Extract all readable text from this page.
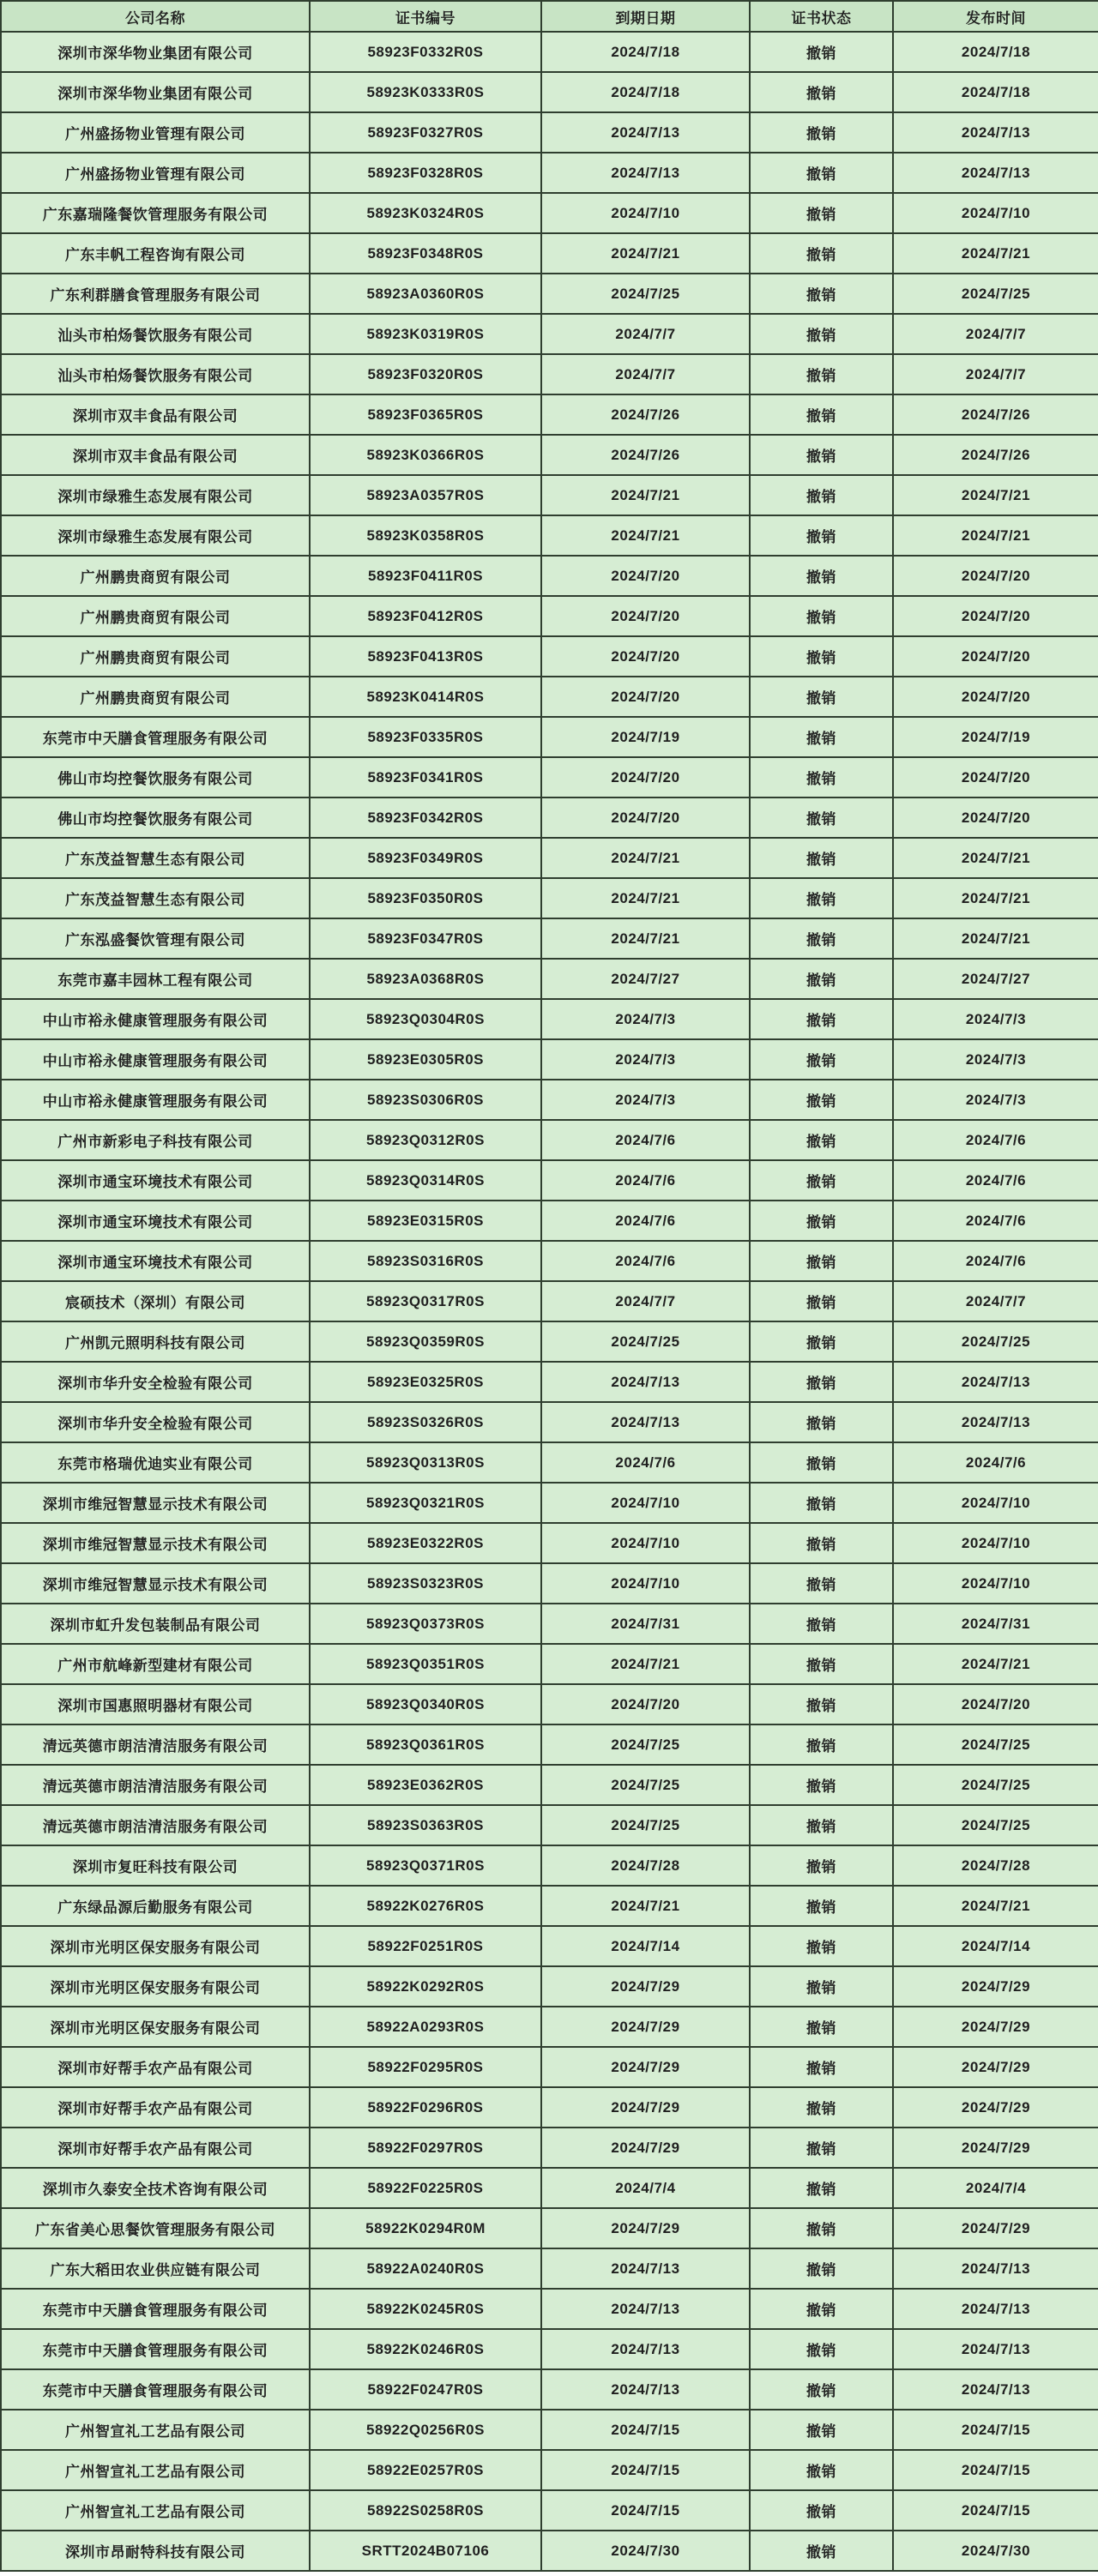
公司名称	证书编号	到期日期	证书状态	发布时间
深圳市深华物业集团有限公司	58923F0332R0S	2024/7/18	撤销	2024/7/18
深圳市深华物业集团有限公司	58923K0333R0S	2024/7/18	撤销	2024/7/18
广州盛扬物业管理有限公司	58923F0327R0S	2024/7/13	撤销	2024/7/13
广州盛扬物业管理有限公司	58923F0328R0S	2024/7/13	撤销	2024/7/13
广东嘉瑞隆餐饮管理服务有限公司	58923K0324R0S	2024/7/10	撤销	2024/7/10
广东丰帆工程咨询有限公司	58923F0348R0S	2024/7/21	撤销	2024/7/21
广东利群膳食管理服务有限公司	58923A0360R0S	2024/7/25	撤销	2024/7/25
汕头市柏炀餐饮服务有限公司	58923K0319R0S	2024/7/7	撤销	2024/7/7
汕头市柏炀餐饮服务有限公司	58923F0320R0S	2024/7/7	撤销	2024/7/7
深圳市双丰食品有限公司	58923F0365R0S	2024/7/26	撤销	2024/7/26
深圳市双丰食品有限公司	58923K0366R0S	2024/7/26	撤销	2024/7/26
深圳市绿雅生态发展有限公司	58923A0357R0S	2024/7/21	撤销	2024/7/21
深圳市绿雅生态发展有限公司	58923K0358R0S	2024/7/21	撤销	2024/7/21
广州鹏贵商贸有限公司	58923F0411R0S	2024/7/20	撤销	2024/7/20
广州鹏贵商贸有限公司	58923F0412R0S	2024/7/20	撤销	2024/7/20
广州鹏贵商贸有限公司	58923F0413R0S	2024/7/20	撤销	2024/7/20
广州鹏贵商贸有限公司	58923K0414R0S	2024/7/20	撤销	2024/7/20
东莞市中天膳食管理服务有限公司	58923F0335R0S	2024/7/19	撤销	2024/7/19
佛山市均控餐饮服务有限公司	58923F0341R0S	2024/7/20	撤销	2024/7/20
佛山市均控餐饮服务有限公司	58923F0342R0S	2024/7/20	撤销	2024/7/20
广东茂益智慧生态有限公司	58923F0349R0S	2024/7/21	撤销	2024/7/21
广东茂益智慧生态有限公司	58923F0350R0S	2024/7/21	撤销	2024/7/21
广东泓盛餐饮管理有限公司	58923F0347R0S	2024/7/21	撤销	2024/7/21
东莞市嘉丰园林工程有限公司	58923A0368R0S	2024/7/27	撤销	2024/7/27
中山市裕永健康管理服务有限公司	58923Q0304R0S	2024/7/3	撤销	2024/7/3
中山市裕永健康管理服务有限公司	58923E0305R0S	2024/7/3	撤销	2024/7/3
中山市裕永健康管理服务有限公司	58923S0306R0S	2024/7/3	撤销	2024/7/3
广州市新彩电子科技有限公司	58923Q0312R0S	2024/7/6	撤销	2024/7/6
深圳市通宝环境技术有限公司	58923Q0314R0S	2024/7/6	撤销	2024/7/6
深圳市通宝环境技术有限公司	58923E0315R0S	2024/7/6	撤销	2024/7/6
深圳市通宝环境技术有限公司	58923S0316R0S	2024/7/6	撤销	2024/7/6
宸硕技术（深圳）有限公司	58923Q0317R0S	2024/7/7	撤销	2024/7/7
广州凯元照明科技有限公司	58923Q0359R0S	2024/7/25	撤销	2024/7/25
深圳市华升安全检验有限公司	58923E0325R0S	2024/7/13	撤销	2024/7/13
深圳市华升安全检验有限公司	58923S0326R0S	2024/7/13	撤销	2024/7/13
东莞市格瑞优迪实业有限公司	58923Q0313R0S	2024/7/6	撤销	2024/7/6
深圳市维冠智慧显示技术有限公司	58923Q0321R0S	2024/7/10	撤销	2024/7/10
深圳市维冠智慧显示技术有限公司	58923E0322R0S	2024/7/10	撤销	2024/7/10
深圳市维冠智慧显示技术有限公司	58923S0323R0S	2024/7/10	撤销	2024/7/10
深圳市虹升发包装制品有限公司	58923Q0373R0S	2024/7/31	撤销	2024/7/31
广州市航峰新型建材有限公司	58923Q0351R0S	2024/7/21	撤销	2024/7/21
深圳市国惠照明器材有限公司	58923Q0340R0S	2024/7/20	撤销	2024/7/20
清远英德市朗洁清洁服务有限公司	58923Q0361R0S	2024/7/25	撤销	2024/7/25
清远英德市朗洁清洁服务有限公司	58923E0362R0S	2024/7/25	撤销	2024/7/25
清远英德市朗洁清洁服务有限公司	58923S0363R0S	2024/7/25	撤销	2024/7/25
深圳市复旺科技有限公司	58923Q0371R0S	2024/7/28	撤销	2024/7/28
广东绿品源后勤服务有限公司	58922K0276R0S	2024/7/21	撤销	2024/7/21
深圳市光明区保安服务有限公司	58922F0251R0S	2024/7/14	撤销	2024/7/14
深圳市光明区保安服务有限公司	58922K0292R0S	2024/7/29	撤销	2024/7/29
深圳市光明区保安服务有限公司	58922A0293R0S	2024/7/29	撤销	2024/7/29
深圳市好帮手农产品有限公司	58922F0295R0S	2024/7/29	撤销	2024/7/29
深圳市好帮手农产品有限公司	58922F0296R0S	2024/7/29	撤销	2024/7/29
深圳市好帮手农产品有限公司	58922F0297R0S	2024/7/29	撤销	2024/7/29
深圳市久泰安全技术咨询有限公司	58922F0225R0S	2024/7/4	撤销	2024/7/4
广东省美心思餐饮管理服务有限公司	58922K0294R0M	2024/7/29	撤销	2024/7/29
广东大稻田农业供应链有限公司	58922A0240R0S	2024/7/13	撤销	2024/7/13
东莞市中天膳食管理服务有限公司	58922K0245R0S	2024/7/13	撤销	2024/7/13
东莞市中天膳食管理服务有限公司	58922K0246R0S	2024/7/13	撤销	2024/7/13
东莞市中天膳食管理服务有限公司	58922F0247R0S	2024/7/13	撤销	2024/7/13
广州智宣礼工艺品有限公司	58922Q0256R0S	2024/7/15	撤销	2024/7/15
广州智宣礼工艺品有限公司	58922E0257R0S	2024/7/15	撤销	2024/7/15
广州智宣礼工艺品有限公司	58922S0258R0S	2024/7/15	撤销	2024/7/15
深圳市昂耐特科技有限公司	SRTT2024B07106	2024/7/30	撤销	2024/7/30
